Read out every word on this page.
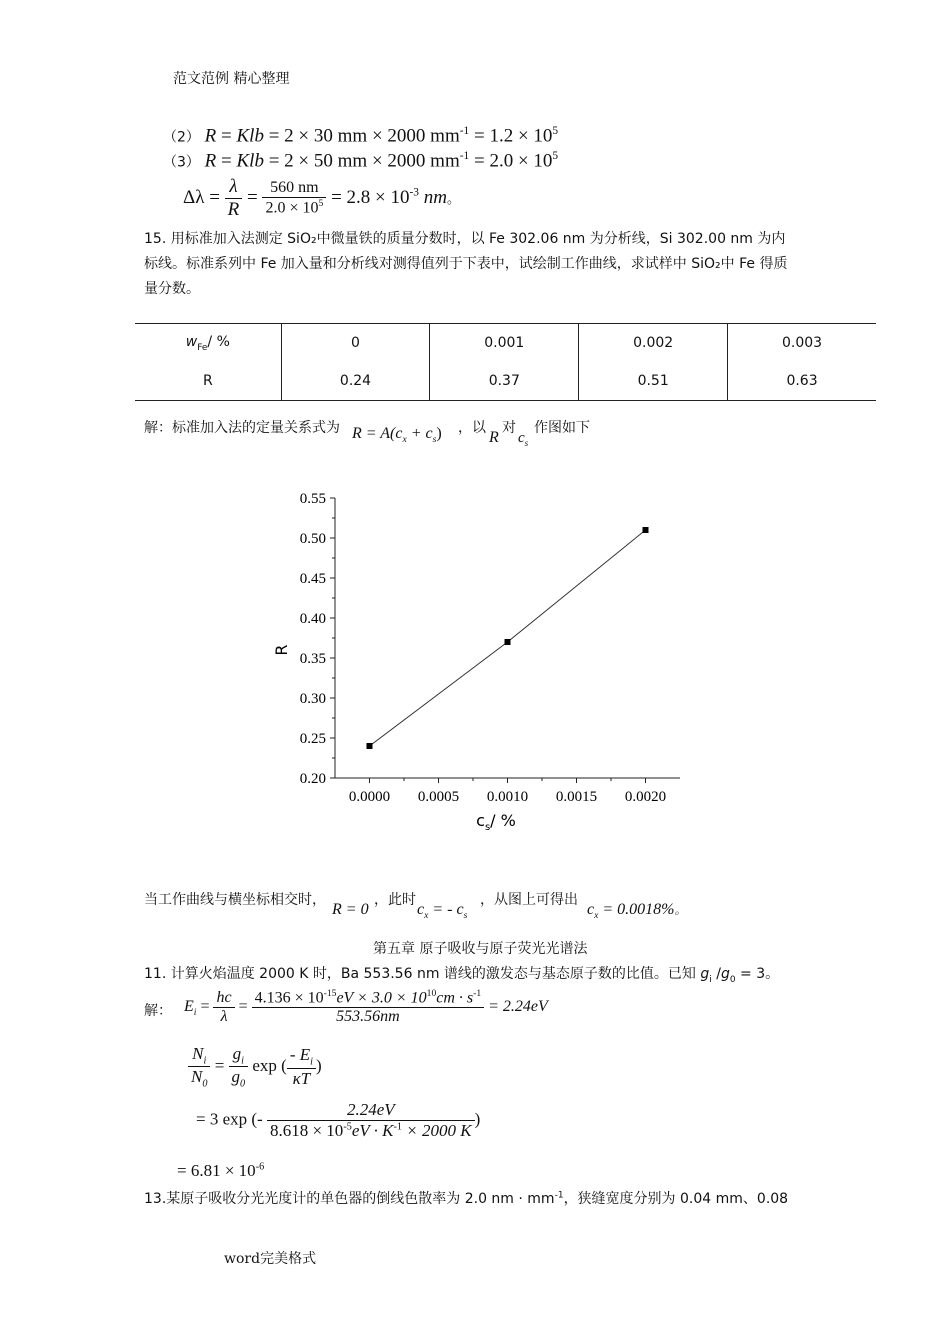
范文范例 精心整理
（2） R = Klb = 2 × 30 mm × 2000 $mm^{-1} = 1.2 \times 10^5$
（3） R = Klb = 2 × 50 mm × 2000 $mm^{-1} = 2.0 \times 10^5$
$\Delta\lambda = \frac{\lambda}{R} = \frac{560 nm}{2.0 \times 10^5} = 2.8 \times 10^{-3}$ nm。
15. 用标准加入法测定 SiO₂中微量铁的质量分数时，以 Fe 302.06 nm 为分析线，Si 302.00 nm 为内
标线。标准系列中 Fe 加入量和分析线对测得值列于下表中，试绘制工作曲线，求试样中 SiO₂中 Fe 得质
量分数。
$w_{Fe}/$ %	0	0.001	0.002	0.003
R	0.24	0.37	0.51	0.63
解：标准加入法的定量关系式为 $R = A(c_x + c_s)$ ，以
R
对
$c_s$
作图如下
0.20
0.25
0.30
0.35
0.40
0.45
0.50
0.55
0.0000 0.0005 0.0010 0.0015 0.0020
R
$c_s/$ %
当工作曲线与横坐标相交时，
R = 0
，此时
$c_x$ = - $c_s$
，从图上可得出
$c_x = 0.0018\%$。
第五章 原子吸收与原子荧光光谱法
11. 计算火焰温度 2000 K 时，Ba 553.56 nm 谱线的激发态与基态原子数的比值。已知 $g_i$ $/g_0 = 3$。
解： $E_i = \frac{hc}{\lambda} = \frac{4.136 \times 10^{-15}eV \times 3.0 \times 10^{10}cm \cdot s^{-1}}{553.56nm} = 2.24eV$
$\frac{N_i}{N_0} = \frac{g_i}{g_0}$ exp ( $\frac{- E_i}{\kappa T}$ )
= 3 exp (- $\frac{2.24eV}{8.618 \times 10^{-5}eV \cdot K^{-1} \times 2000 K}$ )
= $6.81 \times 10^{-6}$
13.某原子吸收分光光度计的单色器的倒线色散率为 2.0 nm · $mm^{-1}$，狭缝宽度分别为 0.04 mm、0.08
word完美格式
